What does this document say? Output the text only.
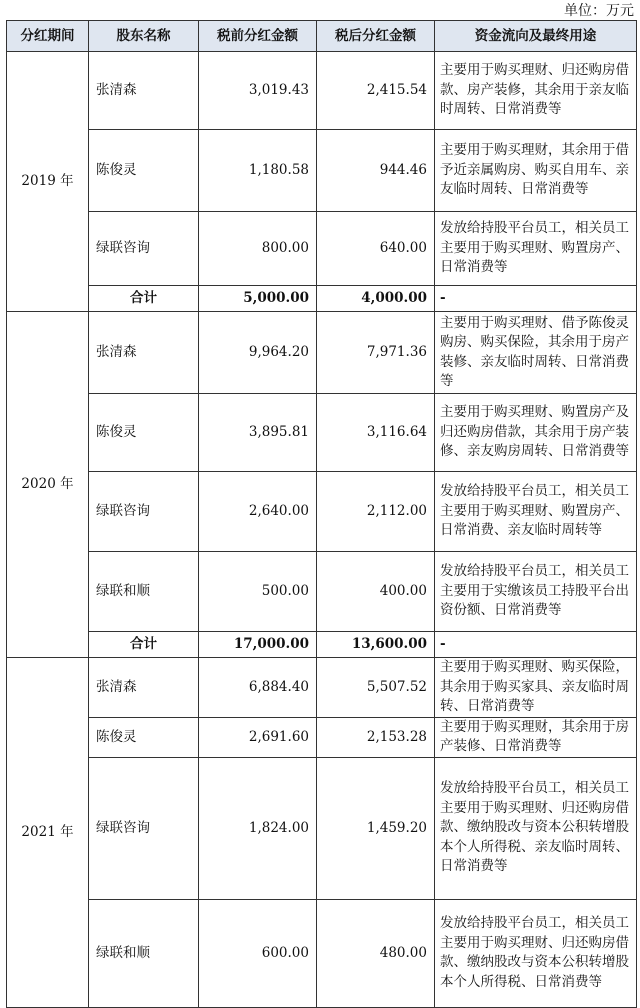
单位：万元
分红期间	股东名称	税前分红金额	税后分红金额	资金流向及最终用途
2019 年	张清森	3,019.43	2,415.54	主要用于购买理财、归还购房借款、房产装修，其余用于亲友临时周转、日常消费等
	陈俊灵	1,180.58	944.46	主要用于购买理财，其余用于借予近亲属购房、购买自用车、亲友临时周转、日常消费等
	绿联咨询	800.00	640.00	发放给持股平台员工，相关员工主要用于购买理财、购置房产、日常消费等
	合计	5,000.00	4,000.00	-
2020 年	张清森	9,964.20	7,971.36	主要用于购买理财、借予陈俊灵购房、购买保险，其余用于房产装修、亲友临时周转、日常消费等
	陈俊灵	3,895.81	3,116.64	主要用于购买理财、购置房产及归还购房借款，其余用于房产装修、亲友购房周转、日常消费等
	绿联咨询	2,640.00	2,112.00	发放给持股平台员工，相关员工主要用于购买理财、购置房产、日常消费、亲友临时周转等
	绿联和顺	500.00	400.00	发放给持股平台员工，相关员工主要用于实缴该员工持股平台出资份额、日常消费等
	合计	17,000.00	13,600.00	-
2021 年	张清森	6,884.40	5,507.52	主要用于购买理财、购买保险，其余用于购买家具、亲友临时周转、日常消费等
	陈俊灵	2,691.60	2,153.28	主要用于购买理财，其余用于房产装修、日常消费等
	绿联咨询	1,824.00	1,459.20	发放给持股平台员工，相关员工主要用于购买理财、归还购房借款、缴纳股改与资本公积转增股本个人所得税、亲友临时周转、日常消费等
	绿联和顺	600.00	480.00	发放给持股平台员工，相关员工主要用于购买理财、归还购房借款、缴纳股改与资本公积转增股本个人所得税、日常消费等
